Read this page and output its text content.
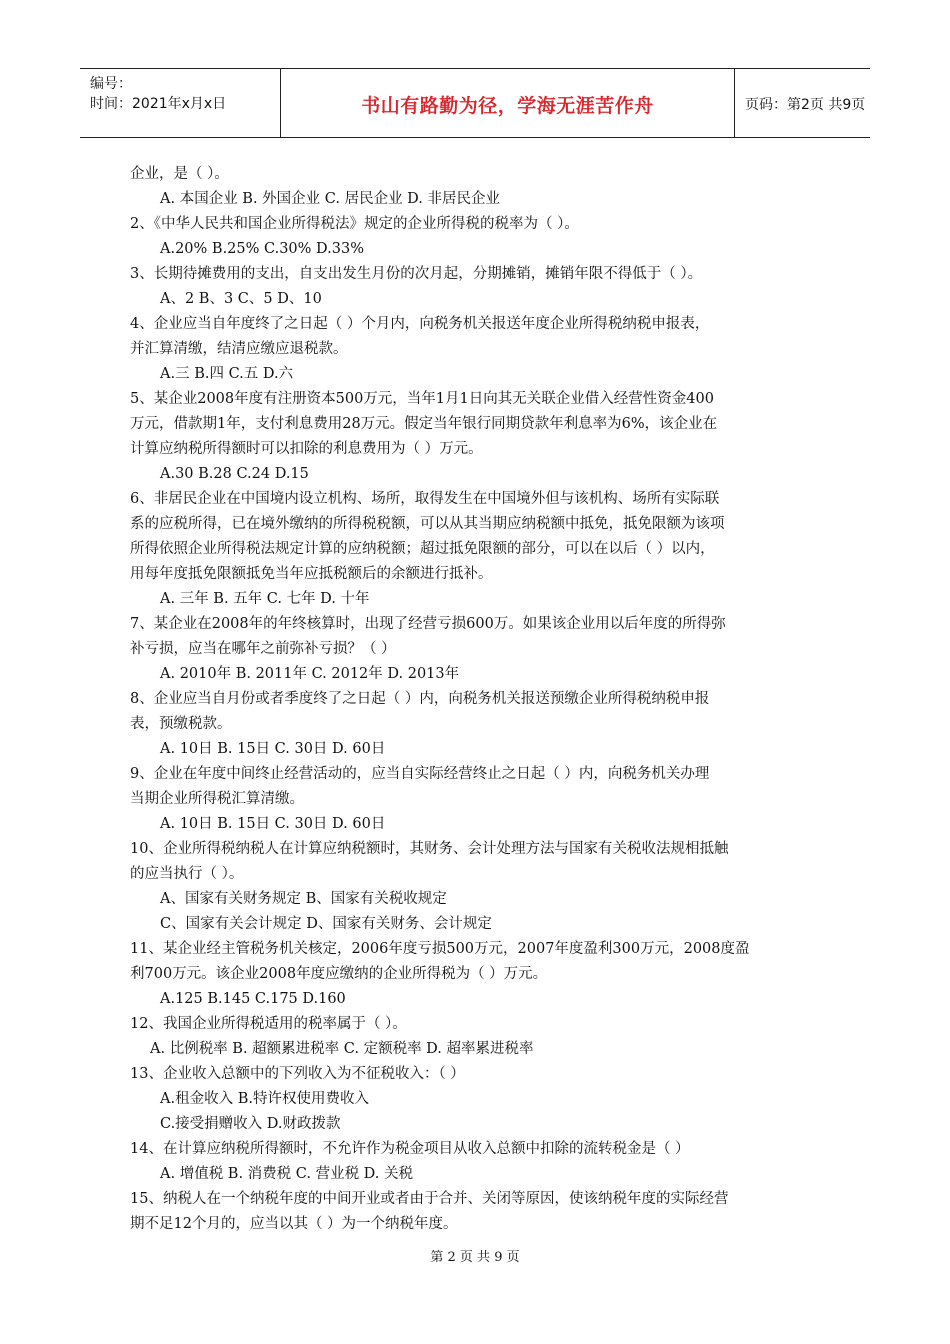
编号：
时间：2021年x月x日	书山有路勤为径，学海无涯苦作舟	页码：第2页 共9页
企业，是（ ）。
A. 本国企业 B. 外国企业 C. 居民企业 D. 非居民企业
2、《中华人民共和国企业所得税法》规定的企业所得税的税率为（ ）。
A.20% B.25% C.30% D.33%
3、长期待摊费用的支出，自支出发生月份的次月起，分期摊销，摊销年限不得低于（ ）。
A、2 B、3 C、5 D、10
4、企业应当自年度终了之日起（ ）个月内，向税务机关报送年度企业所得税纳税申报表，
并汇算清缴，结清应缴应退税款。
A.三 B.四 C.五 D.六
5、某企业2008年度有注册资本500万元，当年1月1日向其无关联企业借入经营性资金400
万元，借款期1年，支付利息费用28万元。假定当年银行同期贷款年利息率为6%，该企业在
计算应纳税所得额时可以扣除的利息费用为（ ）万元。
A.30 B.28 C.24 D.15
6、非居民企业在中国境内设立机构、场所，取得发生在中国境外但与该机构、场所有实际联
系的应税所得，已在境外缴纳的所得税税额，可以从其当期应纳税额中抵免，抵免限额为该项
所得依照企业所得税法规定计算的应纳税额；超过抵免限额的部分，可以在以后（ ）以内，
用每年度抵免限额抵免当年应抵税额后的余额进行抵补。
A. 三年 B. 五年 C. 七年 D. 十年
7、某企业在2008年的年终核算时，出现了经营亏损600万。如果该企业用以后年度的所得弥
补亏损，应当在哪年之前弥补亏损？（ ）
A. 2010年 B. 2011年 C. 2012年 D. 2013年
8、企业应当自月份或者季度终了之日起（ ）内，向税务机关报送预缴企业所得税纳税申报
表，预缴税款。
A. 10日 B. 15日 C. 30日 D. 60日
9、企业在年度中间终止经营活动的，应当自实际经营终止之日起（ ）内，向税务机关办理
当期企业所得税汇算清缴。
A. 10日 B. 15日 C. 30日 D. 60日
10、企业所得税纳税人在计算应纳税额时，其财务、会计处理方法与国家有关税收法规相抵触
的应当执行（ ）。
A、国家有关财务规定 B、国家有关税收规定
C、国家有关会计规定 D、国家有关财务、会计规定
11、某企业经主管税务机关核定，2006年度亏损500万元，2007年度盈利300万元，2008度盈
利700万元。该企业2008年度应缴纳的企业所得税为（ ）万元。
A.125 B.145 C.175 D.160
12、我国企业所得税适用的税率属于（ ）。
A. 比例税率 B. 超额累进税率 C. 定额税率 D. 超率累进税率
13、企业收入总额中的下列收入为不征税收入：（ ）
A.租金收入 B.特许权使用费收入
C.接受捐赠收入 D.财政拨款
14、在计算应纳税所得额时，不允许作为税金项目从收入总额中扣除的流转税金是（ ）
A. 增值税 B. 消费税 C. 营业税 D. 关税
15、纳税人在一个纳税年度的中间开业或者由于合并、关闭等原因，使该纳税年度的实际经营
期不足12个月的，应当以其（ ）为一个纳税年度。
第 2 页 共 9 页
